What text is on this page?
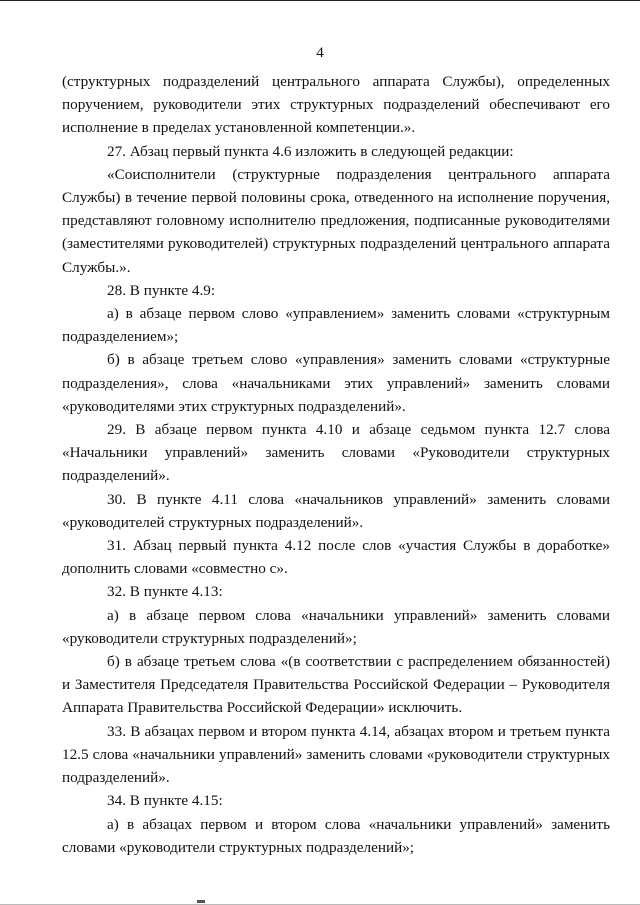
4

(структурных подразделений центрального аппарата Службы), определенных поручением, руководители этих структурных подразделений обеспечивают его исполнение в пределах установленной компетенции.».

27. Абзац первый пункта 4.6 изложить в следующей редакции:

«Соисполнители (структурные подразделения центрального аппарата Службы) в течение первой половины срока, отведенного на исполнение поручения, представляют головному исполнителю предложения, подписанные руководителями (заместителями руководителей) структурных подразделений центрального аппарата Службы.».

28. В пункте 4.9:

а) в абзаце первом слово «управлением» заменить словами «структурным подразделением»;

б) в абзаце третьем слово «управления» заменить словами «структурные подразделения», слова «начальниками этих управлений» заменить словами «руководителями этих структурных подразделений».

29. В абзаце первом пункта 4.10 и абзаце седьмом пункта 12.7 слова «Начальники управлений» заменить словами «Руководители структурных подразделений».

30. В пункте 4.11 слова «начальников управлений» заменить словами «руководителей структурных подразделений».

31. Абзац первый пункта 4.12 после слов «участия Службы в доработке» дополнить словами «совместно с».

32. В пункте 4.13:

а) в абзаце первом слова «начальники управлений» заменить словами «руководители структурных подразделений»;

б) в абзаце третьем слова «(в соответствии с распределением обязанностей) и Заместителя Председателя Правительства Российской Федерации – Руководителя Аппарата Правительства Российской Федерации» исключить.

33. В абзацах первом и втором пункта 4.14, абзацах втором и третьем пункта 12.5 слова «начальники управлений» заменить словами «руководители структурных подразделений».

34. В пункте 4.15:

а) в абзацах первом и втором слова «начальники управлений» заменить словами «руководители структурных подразделений»;
